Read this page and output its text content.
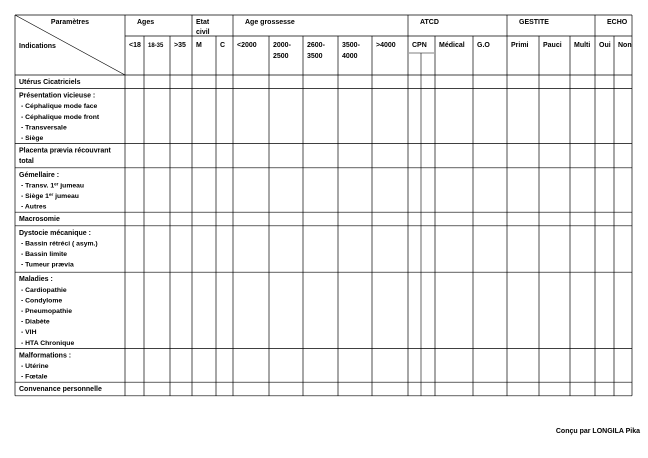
Paramètres
Indications
Ages
<18 18-35 >35
Etat
civil
M	C
Age grossesse
<2000 2000-
2500
2600-
3500
3500-
4000
>4000
ATCD
CPN Médical G.O
GESTITE
Primi Pauci Multi
ECHO
Oui Non
Utérus Cicatriciels
Présentation vicieuse :
- Céphalique mode face
- Céphalique mode front
- Transversale
- Siège
Placenta prævia récouvrant
total
Gémellaire :
- Transv. 1er jumeau
- Siège 1er jumeau
- Autres
Macrosomie
Dystocie mécanique :
- Bassin rétréci ( asym.)
- Bassin limite
- Tumeur prævia
Maladies :
- Cardiopathie
- Condylome
- Pneumopathie
- Diabète
- VIH
- HTA Chronique
Malformations :
- Utérine
- Fœtale
Convenance personnelle
Conçu par LONGILA Pika
